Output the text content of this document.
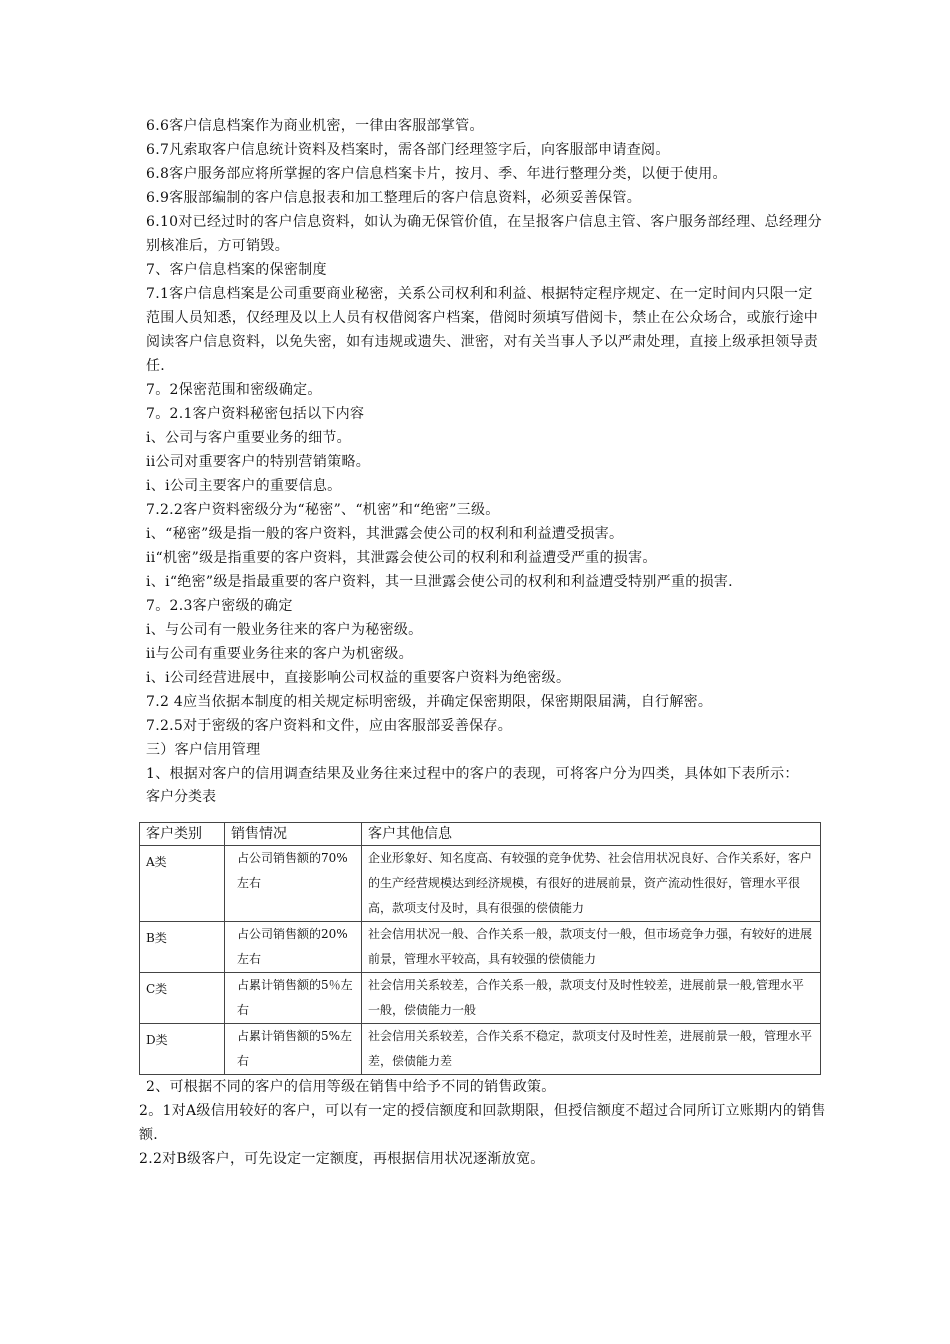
6.6客户信息档案作为商业机密，一律由客服部掌管。

6.7凡索取客户信息统计资料及档案时，需各部门经理签字后，向客服部申请查阅。

6.8客户服务部应将所掌握的客户信息档案卡片，按月、季、年进行整理分类，以便于使用。

6.9客服部编制的客户信息报表和加工整理后的客户信息资料，必须妥善保管。

6.10对已经过时的客户信息资料，如认为确无保管价值，在呈报客户信息主管、客户服务部经理、总经理分别核准后，方可销毁。

7、客户信息档案的保密制度

7.1客户信息档案是公司重要商业秘密，关系公司权利和利益、根据特定程序规定、在一定时间内只限一定范围人员知悉，仅经理及以上人员有权借阅客户档案，借阅时须填写借阅卡，禁止在公众场合，或旅行途中阅读客户信息资料，以免失密，如有违规或遗失、泄密，对有关当事人予以严肃处理，直接上级承担领导责任.

7。2保密范围和密级确定。

7。2.1客户资料秘密包括以下内容

i、公司与客户重要业务的细节。

ii公司对重要客户的特别营销策略。

i、i公司主要客户的重要信息。

7.2.2客户资料密级分为“秘密”、“机密”和“绝密”三级。

i、“秘密”级是指一般的客户资料，其泄露会使公司的权利和利益遭受损害。

ii“机密”级是指重要的客户资料，其泄露会使公司的权利和利益遭受严重的损害。

i、i“绝密”级是指最重要的客户资料，其一旦泄露会使公司的权利和利益遭受特别严重的损害.

7。2.3客户密级的确定

i、与公司有一般业务往来的客户为秘密级。

ii与公司有重要业务往来的客户为机密级。

i、i公司经营进展中，直接影响公司权益的重要客户资料为绝密级。

7.2 4应当依据本制度的相关规定标明密级，并确定保密期限，保密期限届满，自行解密。

7.2.5对于密级的客户资料和文件，应由客服部妥善保存。

三）客户信用管理

1、根据对客户的信用调查结果及业务往来过程中的客户的表现，可将客户分为四类，具体如下表所示：

客户分类表

客户类别	销售情况	客户其他信息
A类	占公司销售额的70%左右	企业形象好、知名度高、有较强的竞争优势、社会信用状况良好、合作关系好，客户的生产经营规模达到经济规模，有很好的进展前景，资产流动性很好，管理水平很高，款项支付及时，具有很强的偿债能力
B类	占公司销售额的20%左右	社会信用状况一般、合作关系一般，款项支付一般，但市场竞争力强，有较好的进展前景，管理水平较高，具有较强的偿债能力
C类	占累计销售额的5％左右	社会信用关系较差，合作关系一般，款项支付及时性较差，进展前景一般,管理水平一般，偿债能力一般
D类	占累计销售额的5%左右	社会信用关系较差，合作关系不稳定，款项支付及时性差，进展前景一般，管理水平差，偿债能力差

2、可根据不同的客户的信用等级在销售中给予不同的销售政策。

2。1对A级信用较好的客户，可以有一定的授信额度和回款期限，但授信额度不超过合同所订立账期内的销售额.

2.2对B级客户，可先设定一定额度，再根据信用状况逐渐放宽。
